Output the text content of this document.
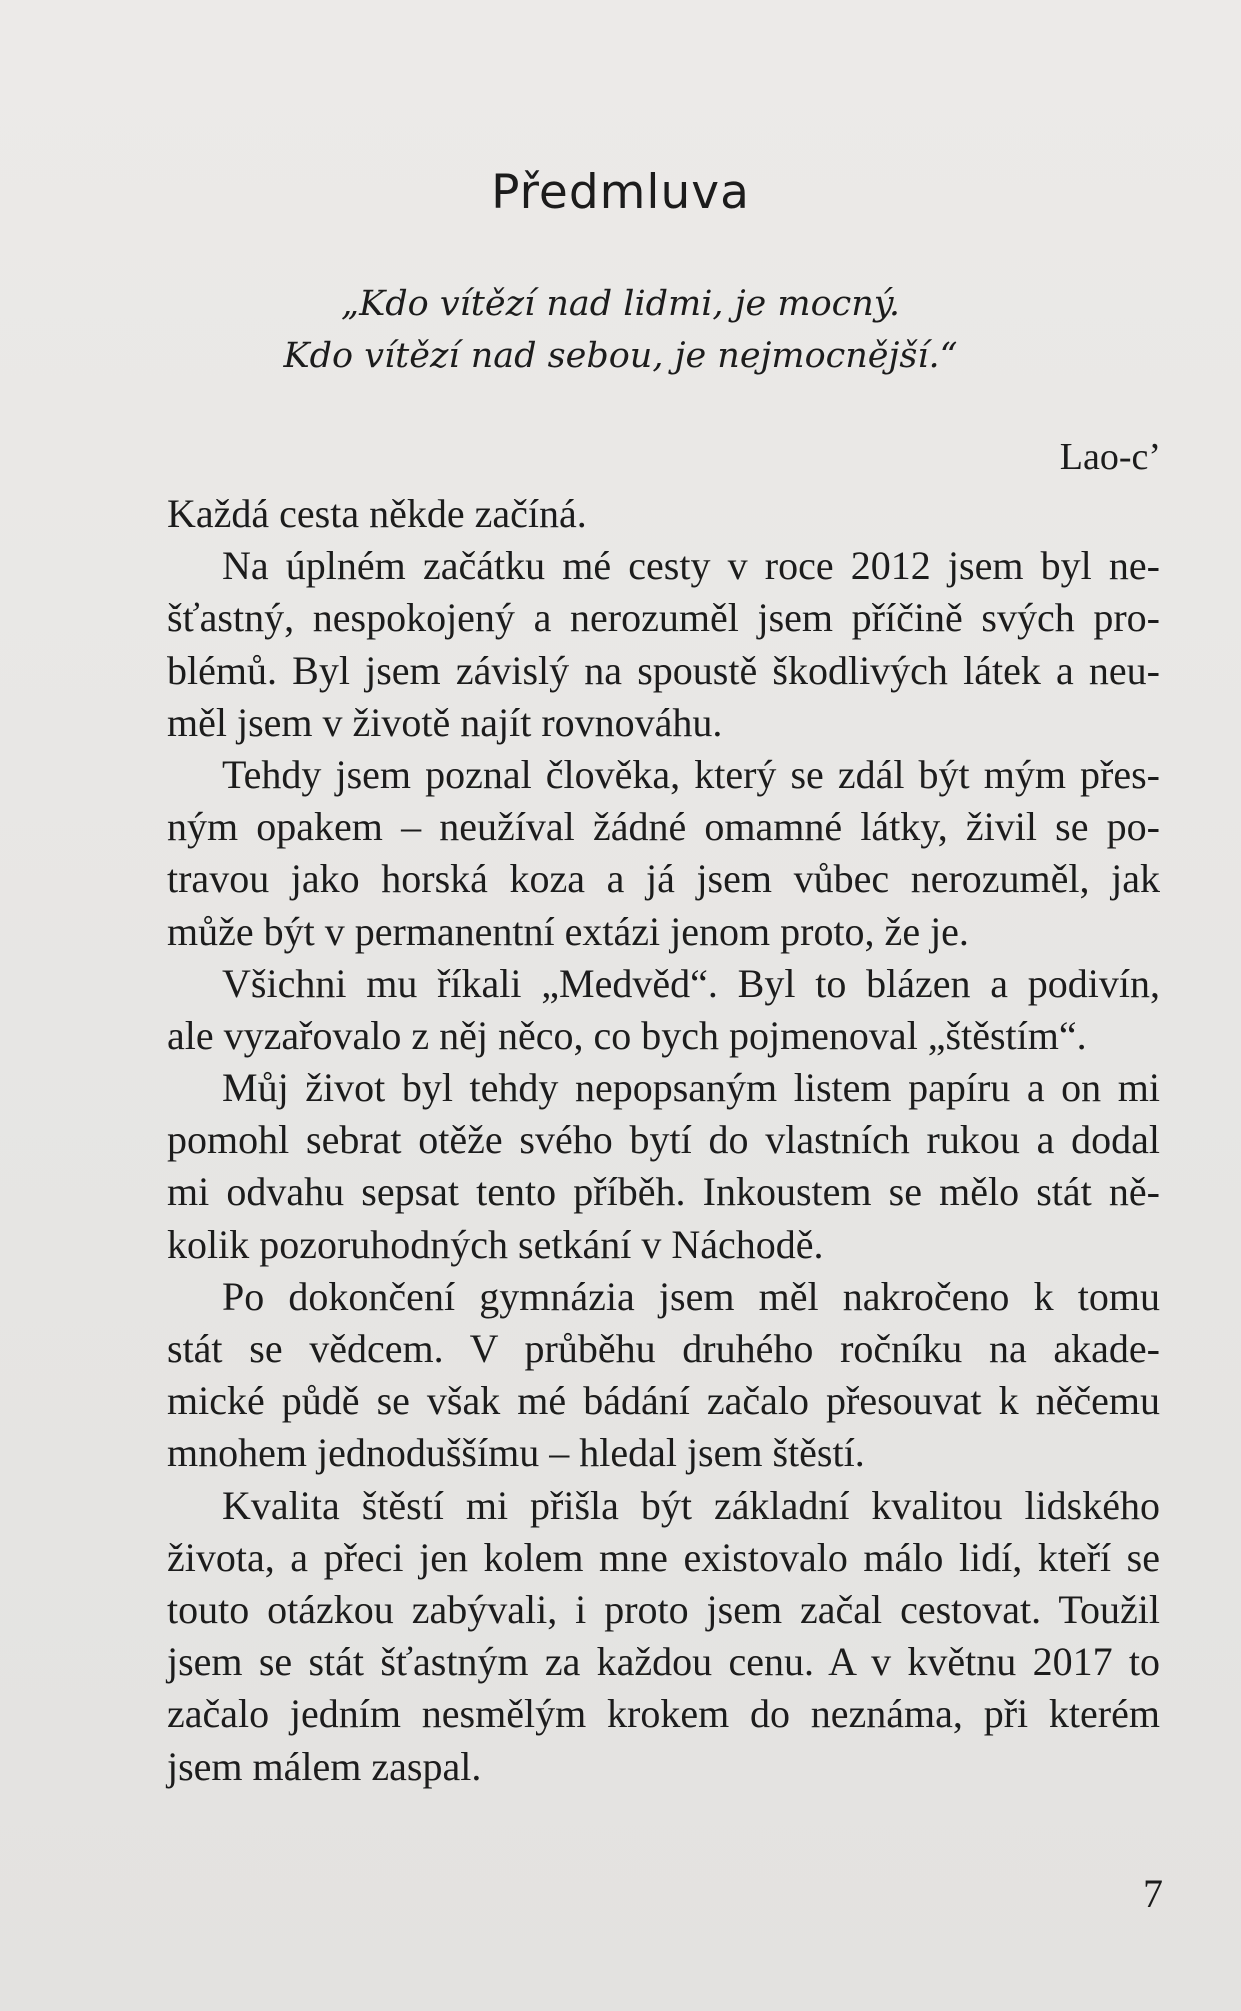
Předmluva
„Kdo vítězí nad lidmi, je mocný.
Kdo vítězí nad sebou, je nejmocnější.“
Lao-c’
Každá cesta někde začíná.
Na úplném začátku mé cesty v roce 2012 jsem byl ne-
šťastný, nespokojený a nerozuměl jsem příčině svých pro-
blémů. Byl jsem závislý na spoustě škodlivých látek a neu-
měl jsem v životě najít rovnováhu.
Tehdy jsem poznal člověka, který se zdál být mým přes-
ným opakem – neužíval žádné omamné látky, živil se po-
travou jako horská koza a já jsem vůbec nerozuměl, jak
může být v permanentní extázi jenom proto, že je.
Všichni mu říkali „Medvěd“. Byl to blázen a podivín,
ale vyzařovalo z něj něco, co bych pojmenoval „štěstím“.
Můj život byl tehdy nepopsaným listem papíru a on mi
pomohl sebrat otěže svého bytí do vlastních rukou a dodal
mi odvahu sepsat tento příběh. Inkoustem se mělo stát ně-
kolik pozoruhodných setkání v Náchodě.
Po dokončení gymnázia jsem měl nakročeno k tomu
stát se vědcem. V průběhu druhého ročníku na akade-
mické půdě se však mé bádání začalo přesouvat k něčemu
mnohem jednoduššímu – hledal jsem štěstí.
Kvalita štěstí mi přišla být základní kvalitou lidského
života, a přeci jen kolem mne existovalo málo lidí, kteří se
touto otázkou zabývali, i proto jsem začal cestovat. Toužil
jsem se stát šťastným za každou cenu. A v květnu 2017 to
začalo jedním nesmělým krokem do neznáma, při kterém
jsem málem zaspal.
7
